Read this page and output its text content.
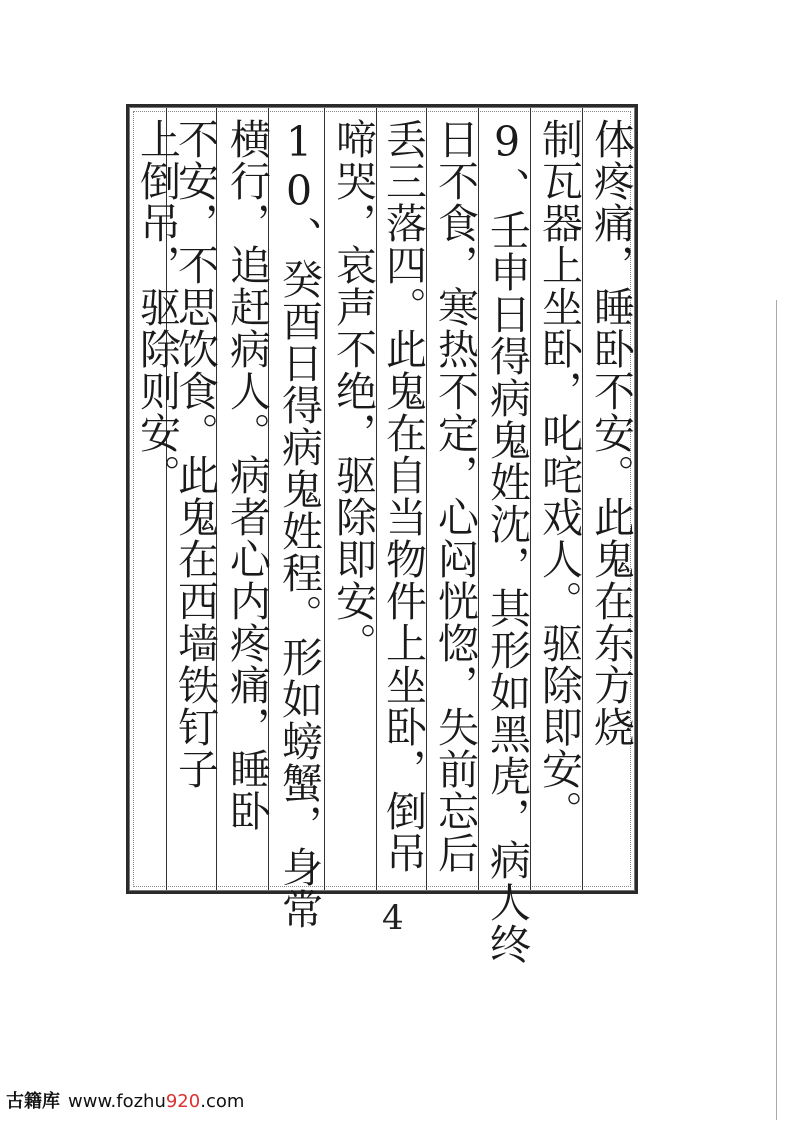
体疼痛，睡卧不安。此鬼在东方烧
制瓦器上坐卧，叱咤戏人。驱除即安。
9、壬申日得病鬼姓沈，其形如黑虎，病人终
日不食，寒热不定，心闷恍惚，失前忘后
丢三落四。此鬼在自当物件上坐卧，倒吊
啼哭，哀声不绝，驱除即安。
10、癸酉日得病鬼姓程。形如螃蟹，身常
横行，追赶病人。病者心内疼痛，睡卧
不安，不思饮食。此鬼在西墙铁钉子
上倒吊，驱除则安。
4
古籍库 www.fozhu920.com
